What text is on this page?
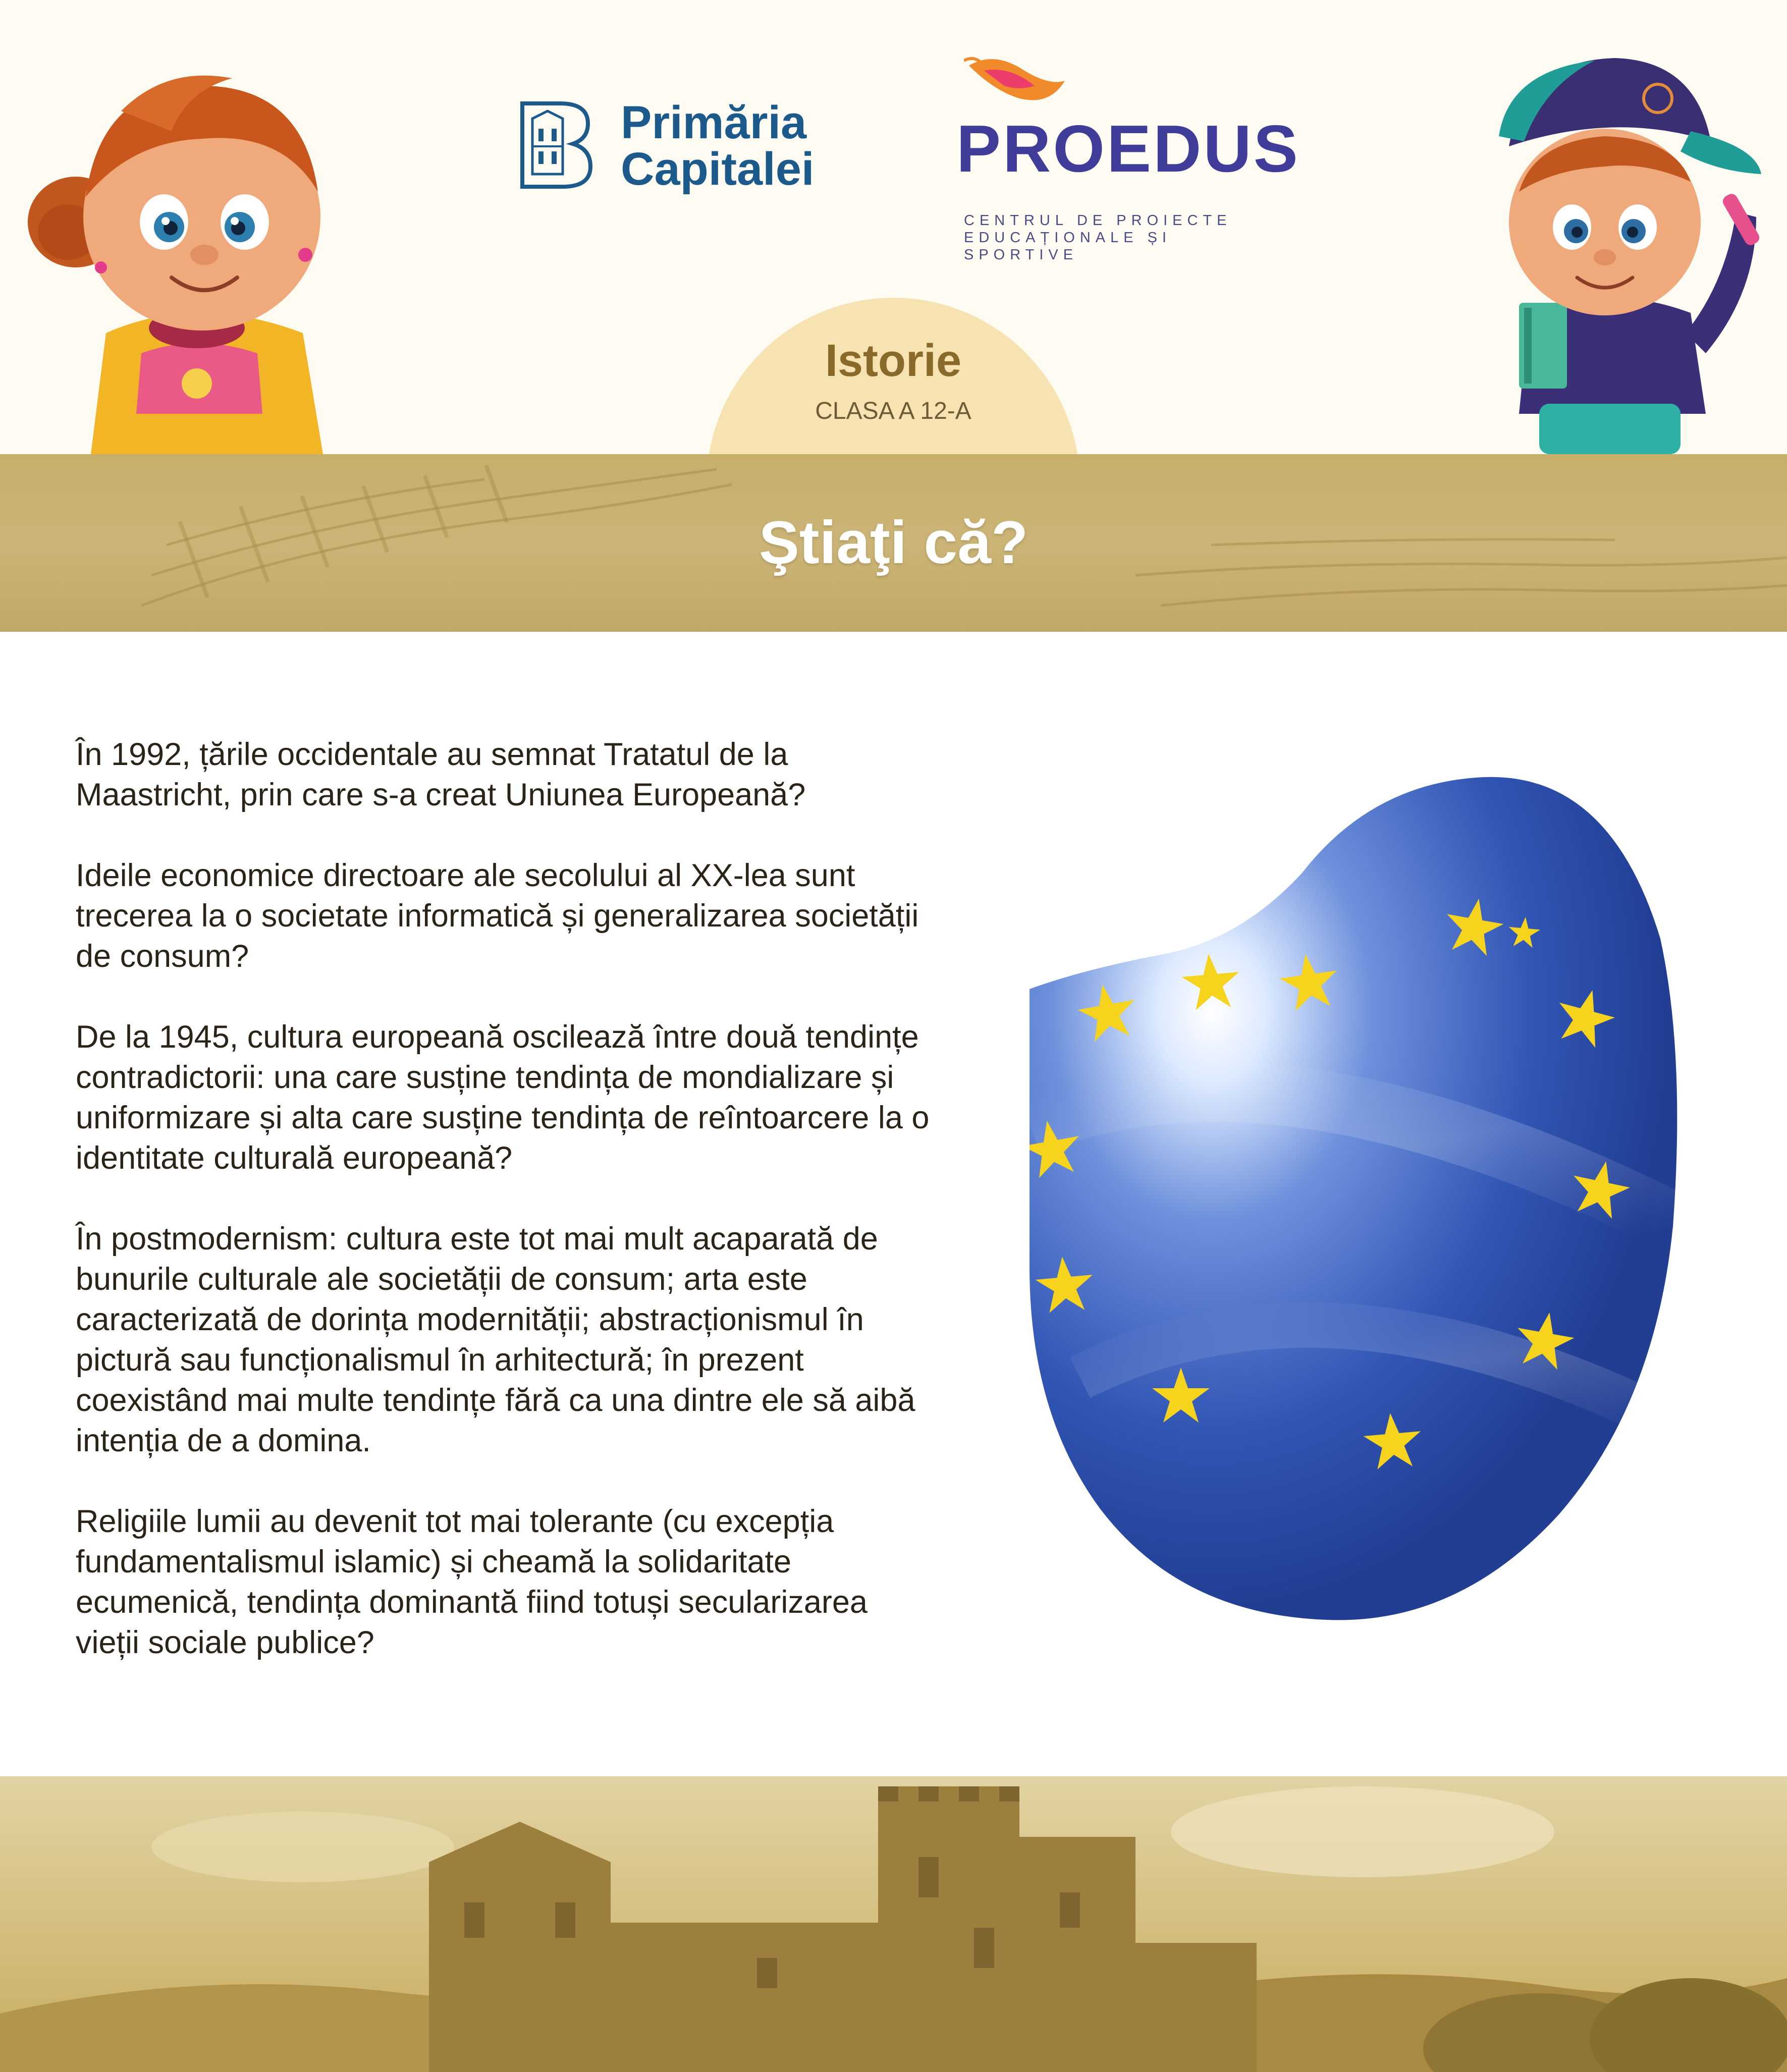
Primăria
Capitalei PROEDUS
CENTRUL DE PROIECTE
EDUCAȚIONALE ȘI SPORTIVE
Istorie
CLASA A 12-A
Ştiaţi că?

În 1992, țările occidentale au semnat Tratatul de la Maastricht, prin care s-a creat Uniunea Europeană?

Ideile economice directoare ale secolului al XX-lea sunt trecerea la o societate informatică și generalizarea societății de consum?

De la 1945, cultura europeană oscilează între două tendințe contradictorii: una care susține tendința de mondializare și uniformizare și alta care susține tendința de reîntoarcere la o identitate culturală europeană?

În postmodernism: cultura este tot mai mult acaparată de bunurile culturale ale societății de consum; arta este caracterizată de dorința modernității; abstracționismul în pictură sau funcționalismul în arhitectură; în prezent coexistând mai multe tendințe fără ca una dintre ele să aibă intenția de a domina.

Religiile lumii au devenit tot mai tolerante (cu excepția fundamentalismul islamic) și cheamă la solidaritate ecumenică, tendința dominantă fiind totuși secularizarea vieții sociale publice?
